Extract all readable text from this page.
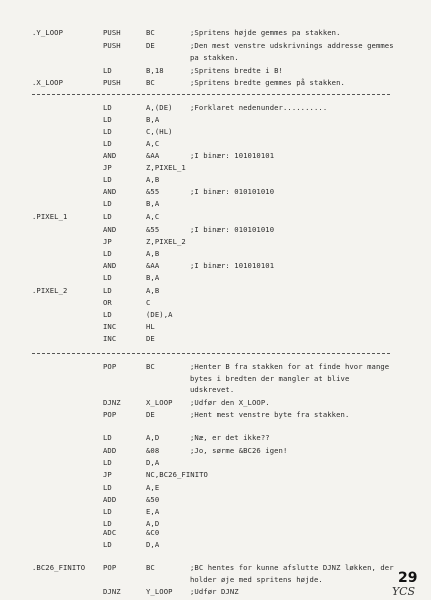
.Y_LOOP	PUSH	BC	;Spritens højde gemmes pa stakken.
PUSH	DE	;Den mest venstre udskrivnings addresse gemmes pa stakken.
LD	B,18	;Spritens bredte i B!
.X_LOOP	PUSH	BC	;Spritens bredte gemmes på stakken.
LD	A,(DE) ;Forklaret nedenunder..........
LD	B,A
LD	C,(HL)
LD	A,C
AND	&AA	;I binær: 101010101
JP	Z,PIXEL_1
LD	A,B
AND	&55	;I binær: 010101010
LD	B,A
.PIXEL_1	LD	A,C
AND	&55	;I binær: 010101010
JP	Z,PIXEL_2
LD	A,B
AND	&AA	;I binær: 101010101
LD	B,A
.PIXEL_2	LD	A,B
OR	C
LD	(DE),A
INC	HL
INC	DE
POP	BC	;Henter B fra stakken for at finde hvor mange bytes i bredten der mangler at blive udskrevet.
DJNZ	X_LOOP ;Udfør den X_LOOP.
POP	DE	;Hent mest venstre byte fra stakken.
LD	A,D	;Næ, er det ikke??
ADD	&08	;Jo, sørme &BC26 igen!
LD	D,A
JP	NC,BC26_FINITO
LD	A,E
ADD	&50
LD	E,A
LD	A,D
ADC	&C0
LD	D,A
.BC26_FINITO POP	BC	;BC hentes for kunne afslutte DJNZ løkken, der holder øje med spritens højde.
DJNZ	Y_LOOP ;Udfør DJNZ
29
YCS
